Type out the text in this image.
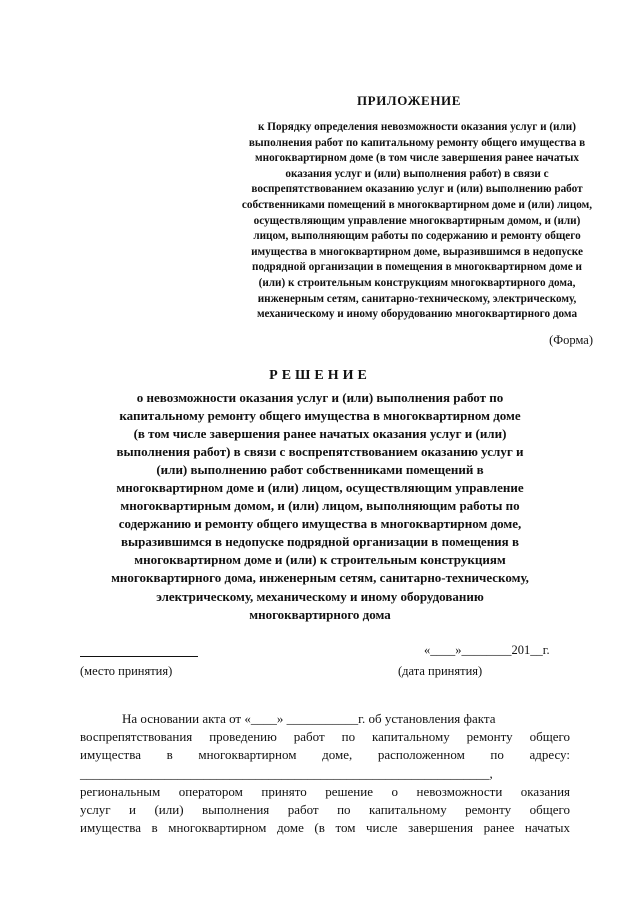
ПРИЛОЖЕНИЕ
к Порядку определения невозможности оказания услуг и (или)
выполнения работ по капитальному ремонту общего имущества в
многоквартирном доме (в том числе завершения ранее начатых
оказания услуг и (или) выполнения работ) в связи с
воспрепятствованием оказанию услуг и (или) выполнению работ
собственниками помещений в многоквартирном доме и (или) лицом,
осуществляющим управление многоквартирным домом, и (или)
лицом, выполняющим работы по содержанию и ремонту общего
имущества в многоквартирном доме, выразившимся в недопуске
подрядной организации в помещения в многоквартирном доме и
(или) к строительным конструкциям многоквартирного дома,
инженерным сетям, санитарно-техническому, электрическому,
механическому и иному оборудованию многоквартирного дома
(Форма)
РЕШЕНИЕ
о невозможности оказания услуг и (или) выполнения работ по
капитальному ремонту общего имущества в многоквартирном доме
(в том числе завершения ранее начатых оказания услуг и (или)
выполнения работ) в связи с воспрепятствованием оказанию услуг и
(или) выполнению работ собственниками помещений в
многоквартирном доме и (или) лицом, осуществляющим управление
многоквартирным домом, и (или) лицом, выполняющим работы по
содержанию и ремонту общего имущества в многоквартирном доме,
выразившимся в недопуске подрядной организации в помещения в
многоквартирном доме и (или) к строительным конструкциям
многоквартирного дома, инженерным сетям, санитарно-техническому,
электрическому, механическому и иному оборудованию
многоквартирного дома
(место принятия)
«____»________201__г.
(дата принятия)
На основании акта от «____» ___________г. об установления факта
воспрепятствования проведению работ по капитальному ремонту общего
имущества в многоквартирном доме, расположенном по адресу:
_______________________________________________________________,
региональным оператором принято решение о невозможности оказания
услуг и (или) выполнения работ по капитальному ремонту общего
имущества в многоквартирном доме (в том числе завершения ранее начатых
